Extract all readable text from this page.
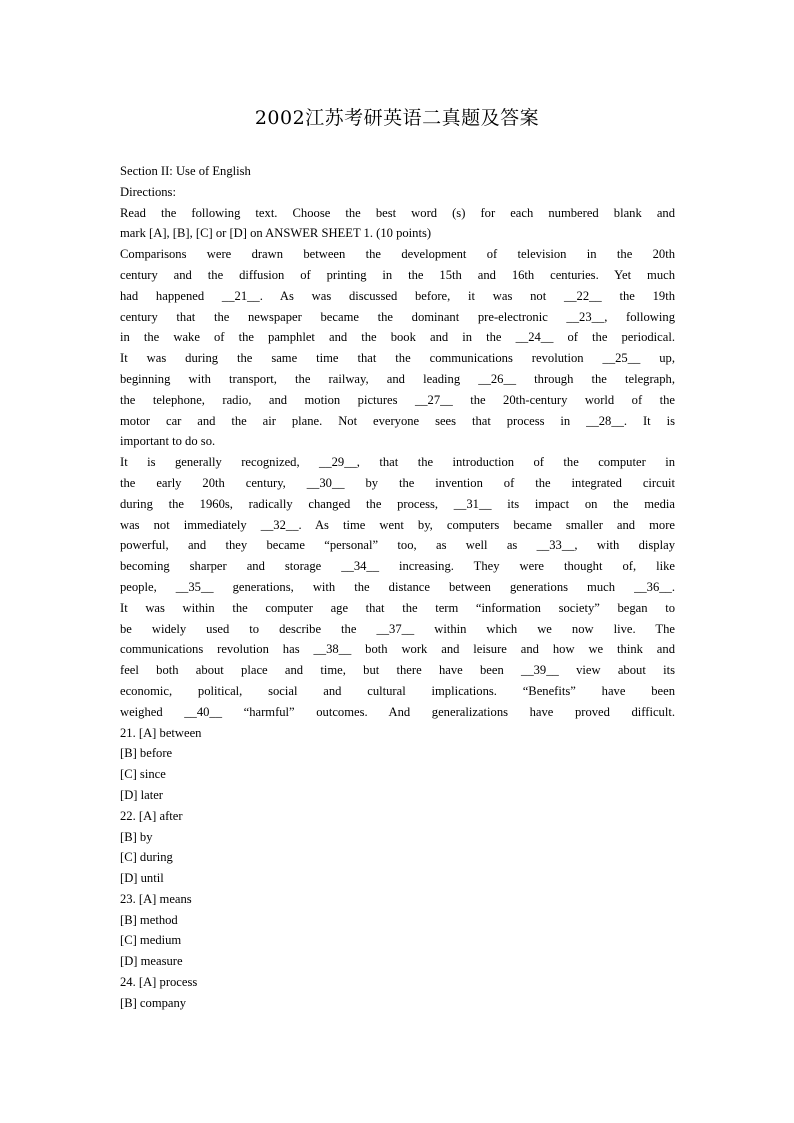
2002江苏考研英语二真题及答案
Section II: Use of English
Directions:
Read the following text. Choose the best word (s) for each numbered blank and
mark [A], [B], [C] or [D] on ANSWER SHEET 1. (10 points)
Comparisons were drawn between the development of television in the 20th
century and the diffusion of printing in the 15th and 16th centuries. Yet much
had happened __21__. As was discussed before, it was not __22__ the 19th
century that the newspaper became the dominant pre-electronic __23__, following
in the wake of the pamphlet and the book and in the __24__ of the periodical.
It was during the same time that the communications revolution __25__ up,
beginning with transport, the railway, and leading __26__ through the telegraph,
the telephone, radio, and motion pictures __27__ the 20th-century world of the
motor car and the air plane. Not everyone sees that process in __28__. It is
important to do so.
It is generally recognized, __29__, that the introduction of the computer in
the early 20th century, __30__ by the invention of the integrated circuit
during the 1960s, radically changed the process, __31__ its impact on the media
was not immediately __32__. As time went by, computers became smaller and more
powerful, and they became “personal” too, as well as __33__, with display
becoming sharper and storage __34__ increasing. They were thought of, like
people, __35__ generations, with the distance between generations much __36__.
It was within the computer age that the term “information society” began to
be widely used to describe the __37__ within which we now live. The
communications revolution has __38__ both work and leisure and how we think and
feel both about place and time, but there have been __39__ view about its
economic, political, social and cultural implications. “Benefits” have been
weighed __40__ “harmful” outcomes. And generalizations have proved difficult.
21. [A] between
[B] before
[C] since
[D] later
22. [A] after
[B] by
[C] during
[D] until
23. [A] means
[B] method
[C] medium
[D] measure
24. [A] process
[B] company
